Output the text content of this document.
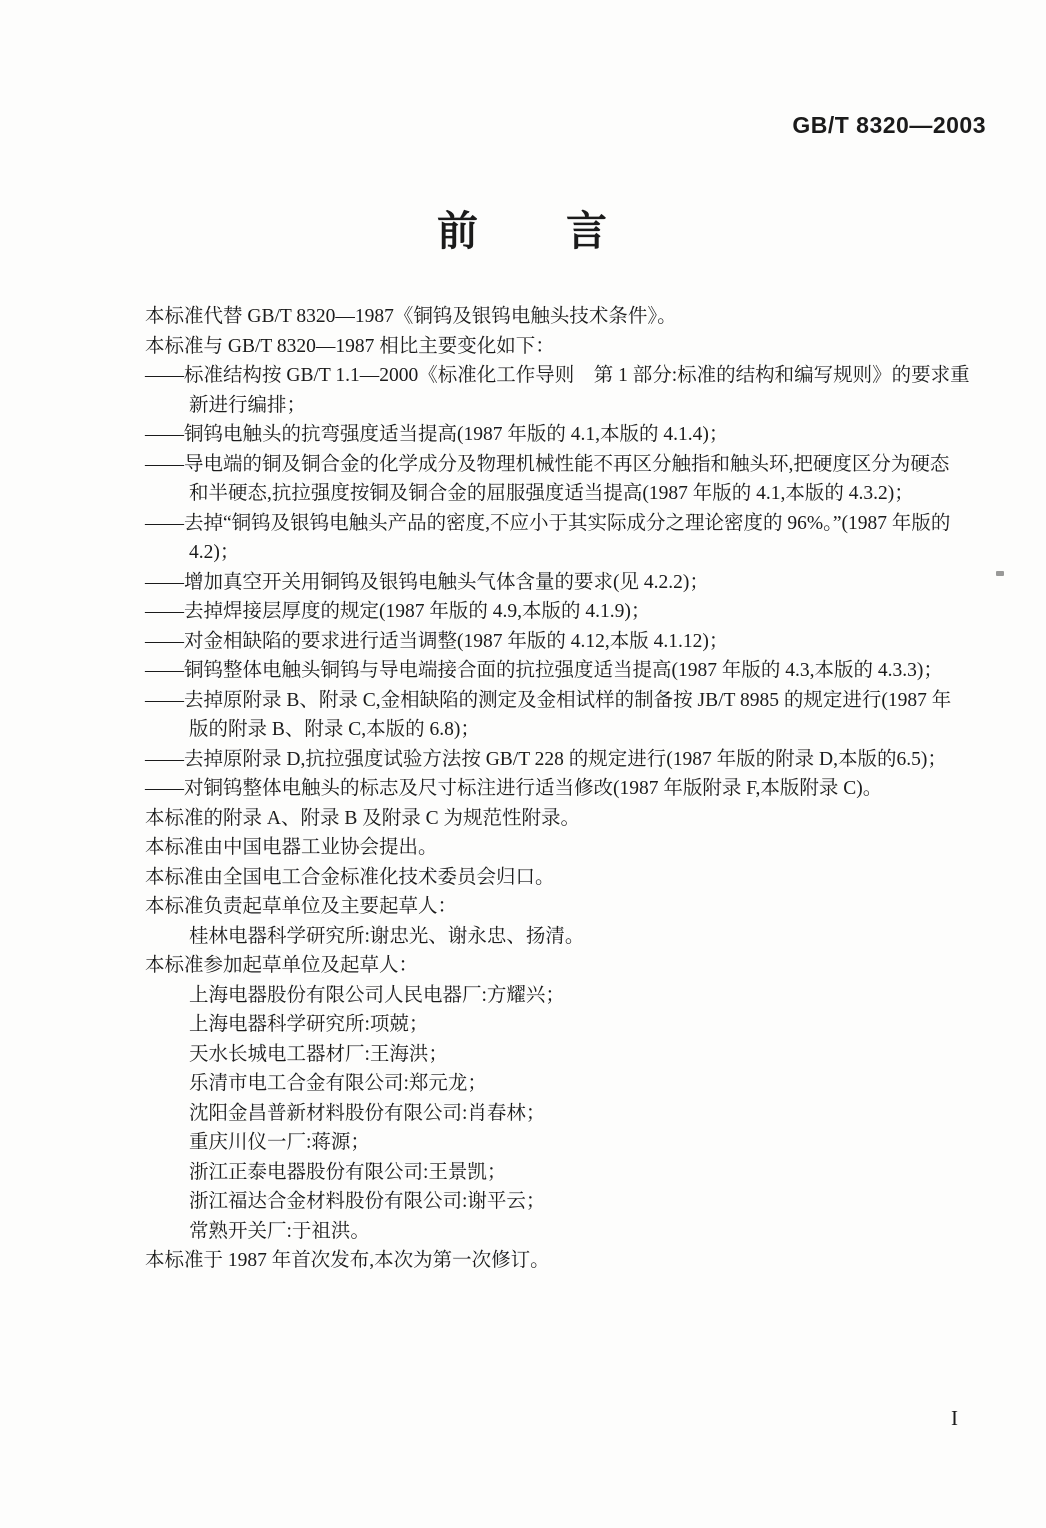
GB/T 8320—2003
前　　言
本标准代替 GB/T 8320—1987《铜钨及银钨电触头技术条件》。
本标准与 GB/T 8320—1987 相比主要变化如下：
——标准结构按 GB/T 1.1—2000《标准化工作导则　第 1 部分:标准的结构和编写规则》的要求重
新进行编排；
——铜钨电触头的抗弯强度适当提高(1987 年版的 4.1,本版的 4.1.4)；
——导电端的铜及铜合金的化学成分及物理机械性能不再区分触指和触头环,把硬度区分为硬态
和半硬态,抗拉强度按铜及铜合金的屈服强度适当提高(1987 年版的 4.1,本版的 4.3.2)；
——去掉“铜钨及银钨电触头产品的密度,不应小于其实际成分之理论密度的 96%。”(1987 年版的
4.2)；
——增加真空开关用铜钨及银钨电触头气体含量的要求(见 4.2.2)；
——去掉焊接层厚度的规定(1987 年版的 4.9,本版的 4.1.9)；
——对金相缺陷的要求进行适当调整(1987 年版的 4.12,本版 4.1.12)；
——铜钨整体电触头铜钨与导电端接合面的抗拉强度适当提高(1987 年版的 4.3,本版的 4.3.3)；
——去掉原附录 B、附录 C,金相缺陷的测定及金相试样的制备按 JB/T 8985 的规定进行(1987 年
版的附录 B、附录 C,本版的 6.8)；
——去掉原附录 D,抗拉强度试验方法按 GB/T 228 的规定进行(1987 年版的附录 D,本版的6.5)；
——对铜钨整体电触头的标志及尺寸标注进行适当修改(1987 年版附录 F,本版附录 C)。
本标准的附录 A、附录 B 及附录 C 为规范性附录。
本标准由中国电器工业协会提出。
本标准由全国电工合金标准化技术委员会归口。
本标准负责起草单位及主要起草人：
桂林电器科学研究所:谢忠光、谢永忠、扬清。
本标准参加起草单位及起草人：
上海电器股份有限公司人民电器厂:方耀兴；
上海电器科学研究所:项兢；
天水长城电工器材厂:王海洪；
乐清市电工合金有限公司:郑元龙；
沈阳金昌普新材料股份有限公司:肖春林；
重庆川仪一厂:蒋源；
浙江正泰电器股份有限公司:王景凯；
浙江福达合金材料股份有限公司:谢平云；
常熟开关厂:于祖洪。
本标准于 1987 年首次发布,本次为第一次修订。
I
